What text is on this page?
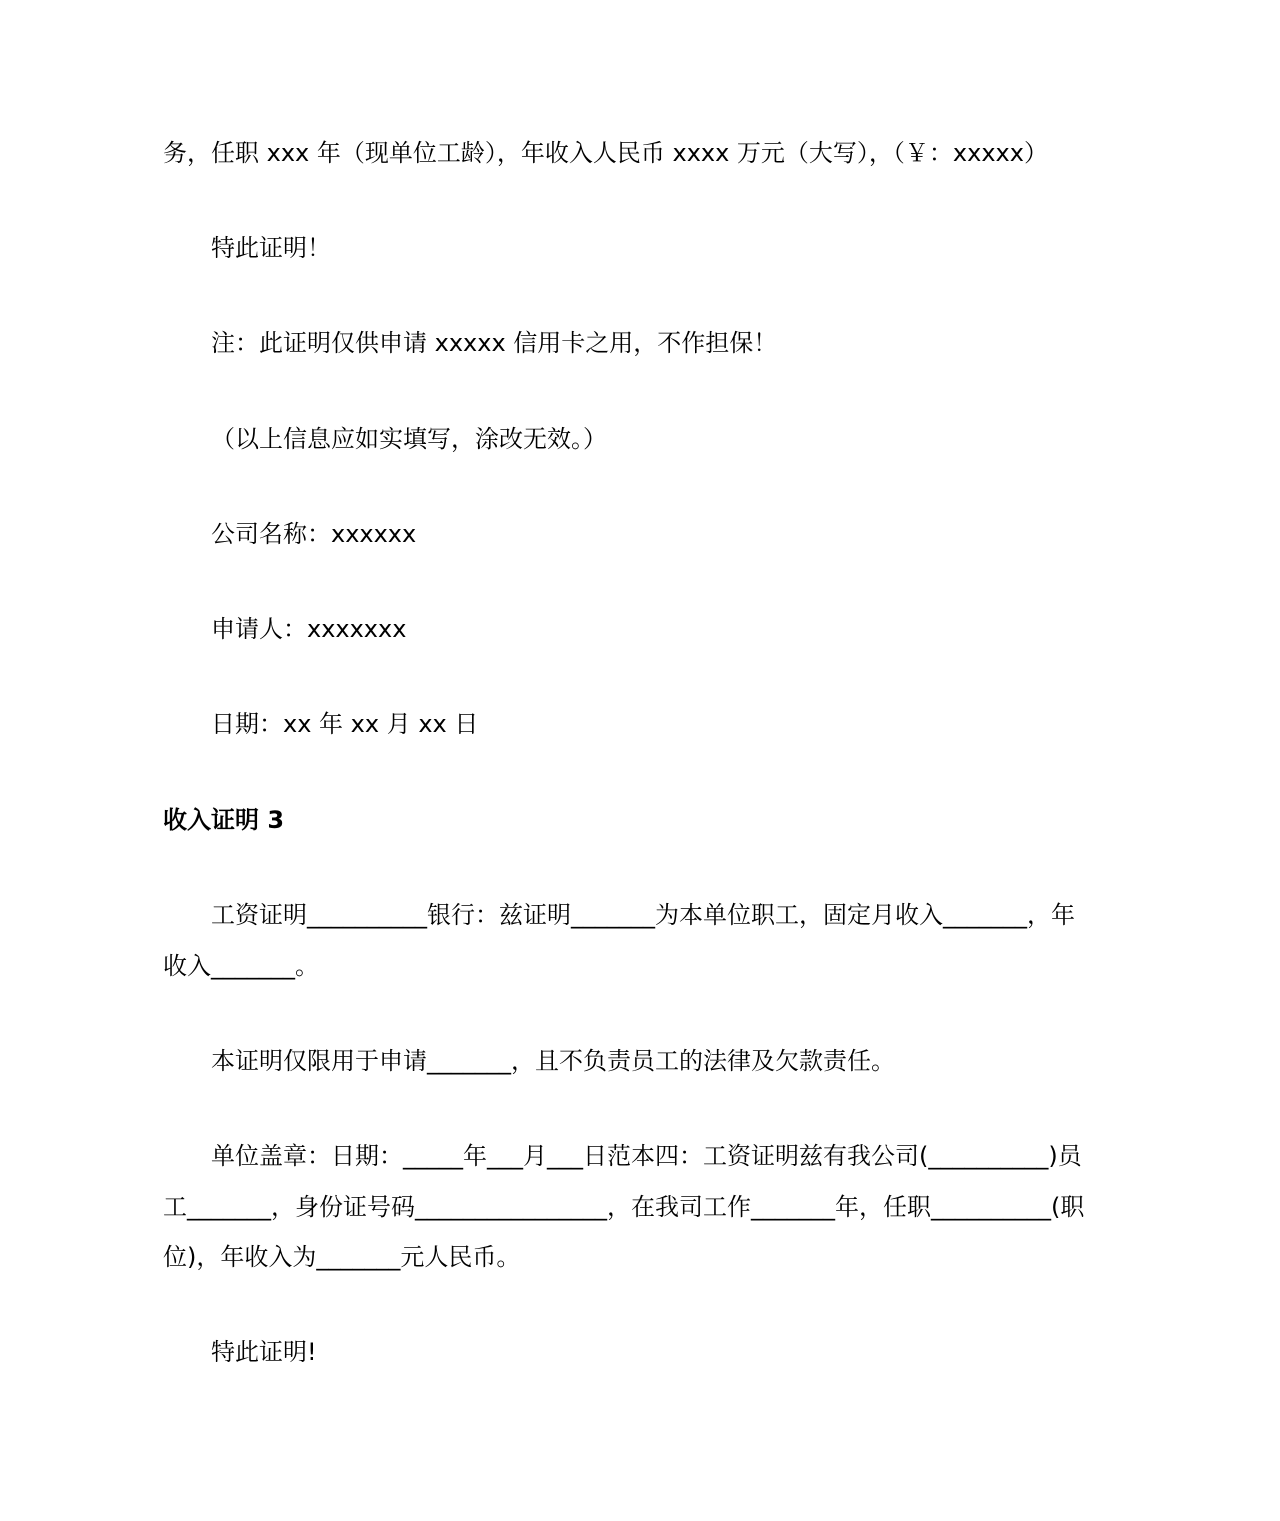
务，任职 xxx 年（现单位工龄），年收入人民币 xxxx 万元（大写），（￥：xxxxx）
特此证明！
注：此证明仅供申请 xxxxx 信用卡之用，不作担保！
（以上信息应如实填写，涂改无效。）
公司名称：xxxxxx
申请人：xxxxxxx
日期：xx 年 xx 月 xx 日
收入证明 3
工资证明__________银行：兹证明_______为本单位职工，固定月收入_______，年
收入_______。
本证明仅限用于申请_______，且不负责员工的法律及欠款责任。
单位盖章：日期：_____年___月___日范本四：工资证明兹有我公司(__________)员
工_______，身份证号码________________，在我司工作_______年，任职__________(职
位)，年收入为_______元人民币。
特此证明!
